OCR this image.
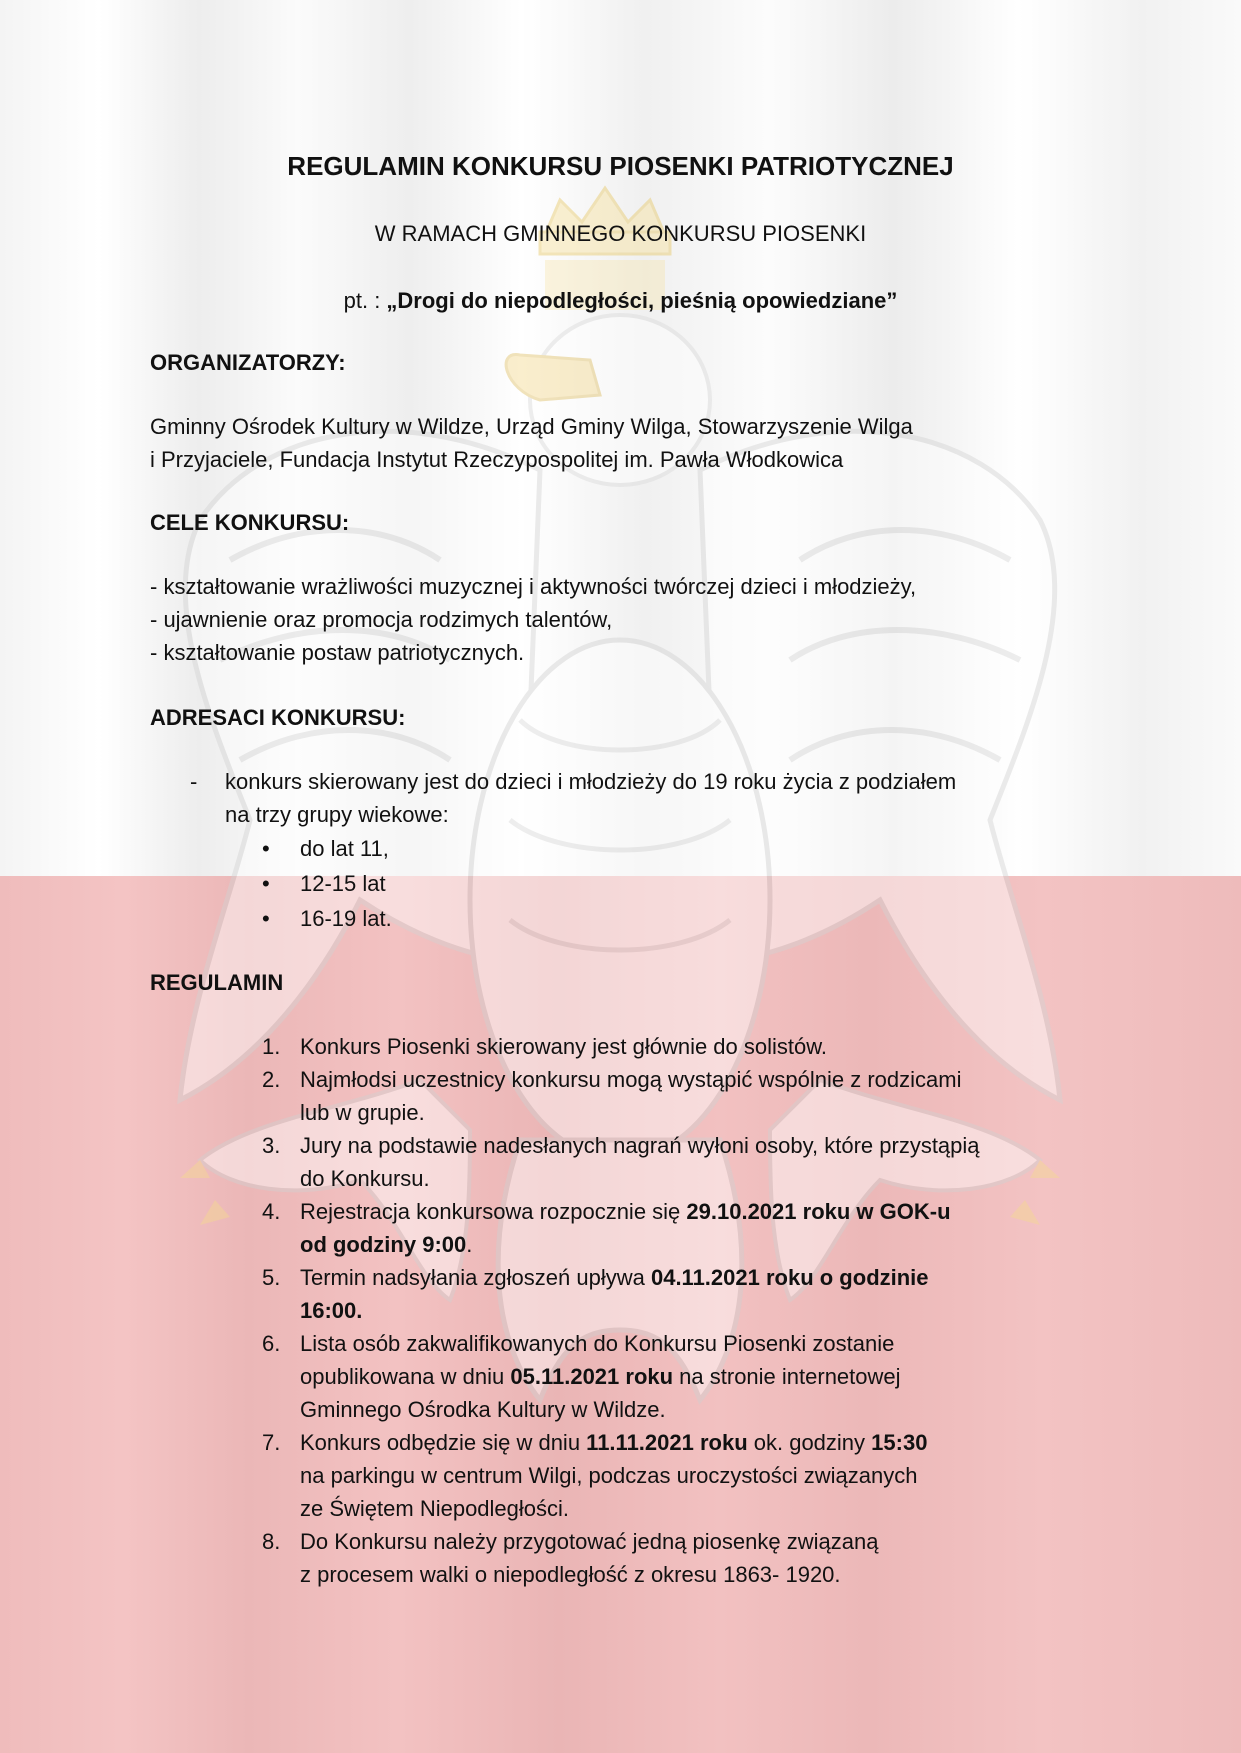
REGULAMIN KONKURSU PIOSENKI PATRIOTYCZNEJ
W RAMACH GMINNEGO KONKURSU PIOSENKI
pt. : „Drogi do niepodległości, pieśnią opowiedziane”
ORGANIZATORZY:
Gminny Ośrodek Kultury w Wildze, Urząd Gminy Wilga, Stowarzyszenie Wilga
i Przyjaciele, Fundacja Instytut Rzeczypospolitej im. Pawła Włodkowica
CELE KONKURSU:
- kształtowanie wrażliwości muzycznej i aktywności twórczej dzieci i młodzieży,
- ujawnienie oraz promocja rodzimych talentów,
- kształtowanie postaw patriotycznych.
ADRESACI KONKURSU:
- konkurs skierowany jest do dzieci i młodzieży do 19 roku życia z podziałem
na trzy grupy wiekowe:
• do lat 11,
• 12-15 lat
• 16-19 lat.
REGULAMIN
1. Konkurs Piosenki skierowany jest głównie do solistów.
2. Najmłodsi uczestnicy konkursu mogą wystąpić wspólnie z rodzicami
lub w grupie.
3. Jury na podstawie nadesłanych nagrań wyłoni osoby, które przystąpią
do Konkursu.
4. Rejestracja konkursowa rozpocznie się 29.10.2021 roku w GOK-u
od godziny 9:00.
5. Termin nadsyłania zgłoszeń upływa 04.11.2021 roku o godzinie
16:00.
6. Lista osób zakwalifikowanych do Konkursu Piosenki zostanie
opublikowana w dniu 05.11.2021 roku na stronie internetowej
Gminnego Ośrodka Kultury w Wildze.
7. Konkurs odbędzie się w dniu 11.11.2021 roku ok. godziny 15:30
na parkingu w centrum Wilgi, podczas uroczystości związanych
ze Świętem Niepodległości.
8. Do Konkursu należy przygotować jedną piosenkę związaną
z procesem walki o niepodległość z okresu 1863- 1920.
